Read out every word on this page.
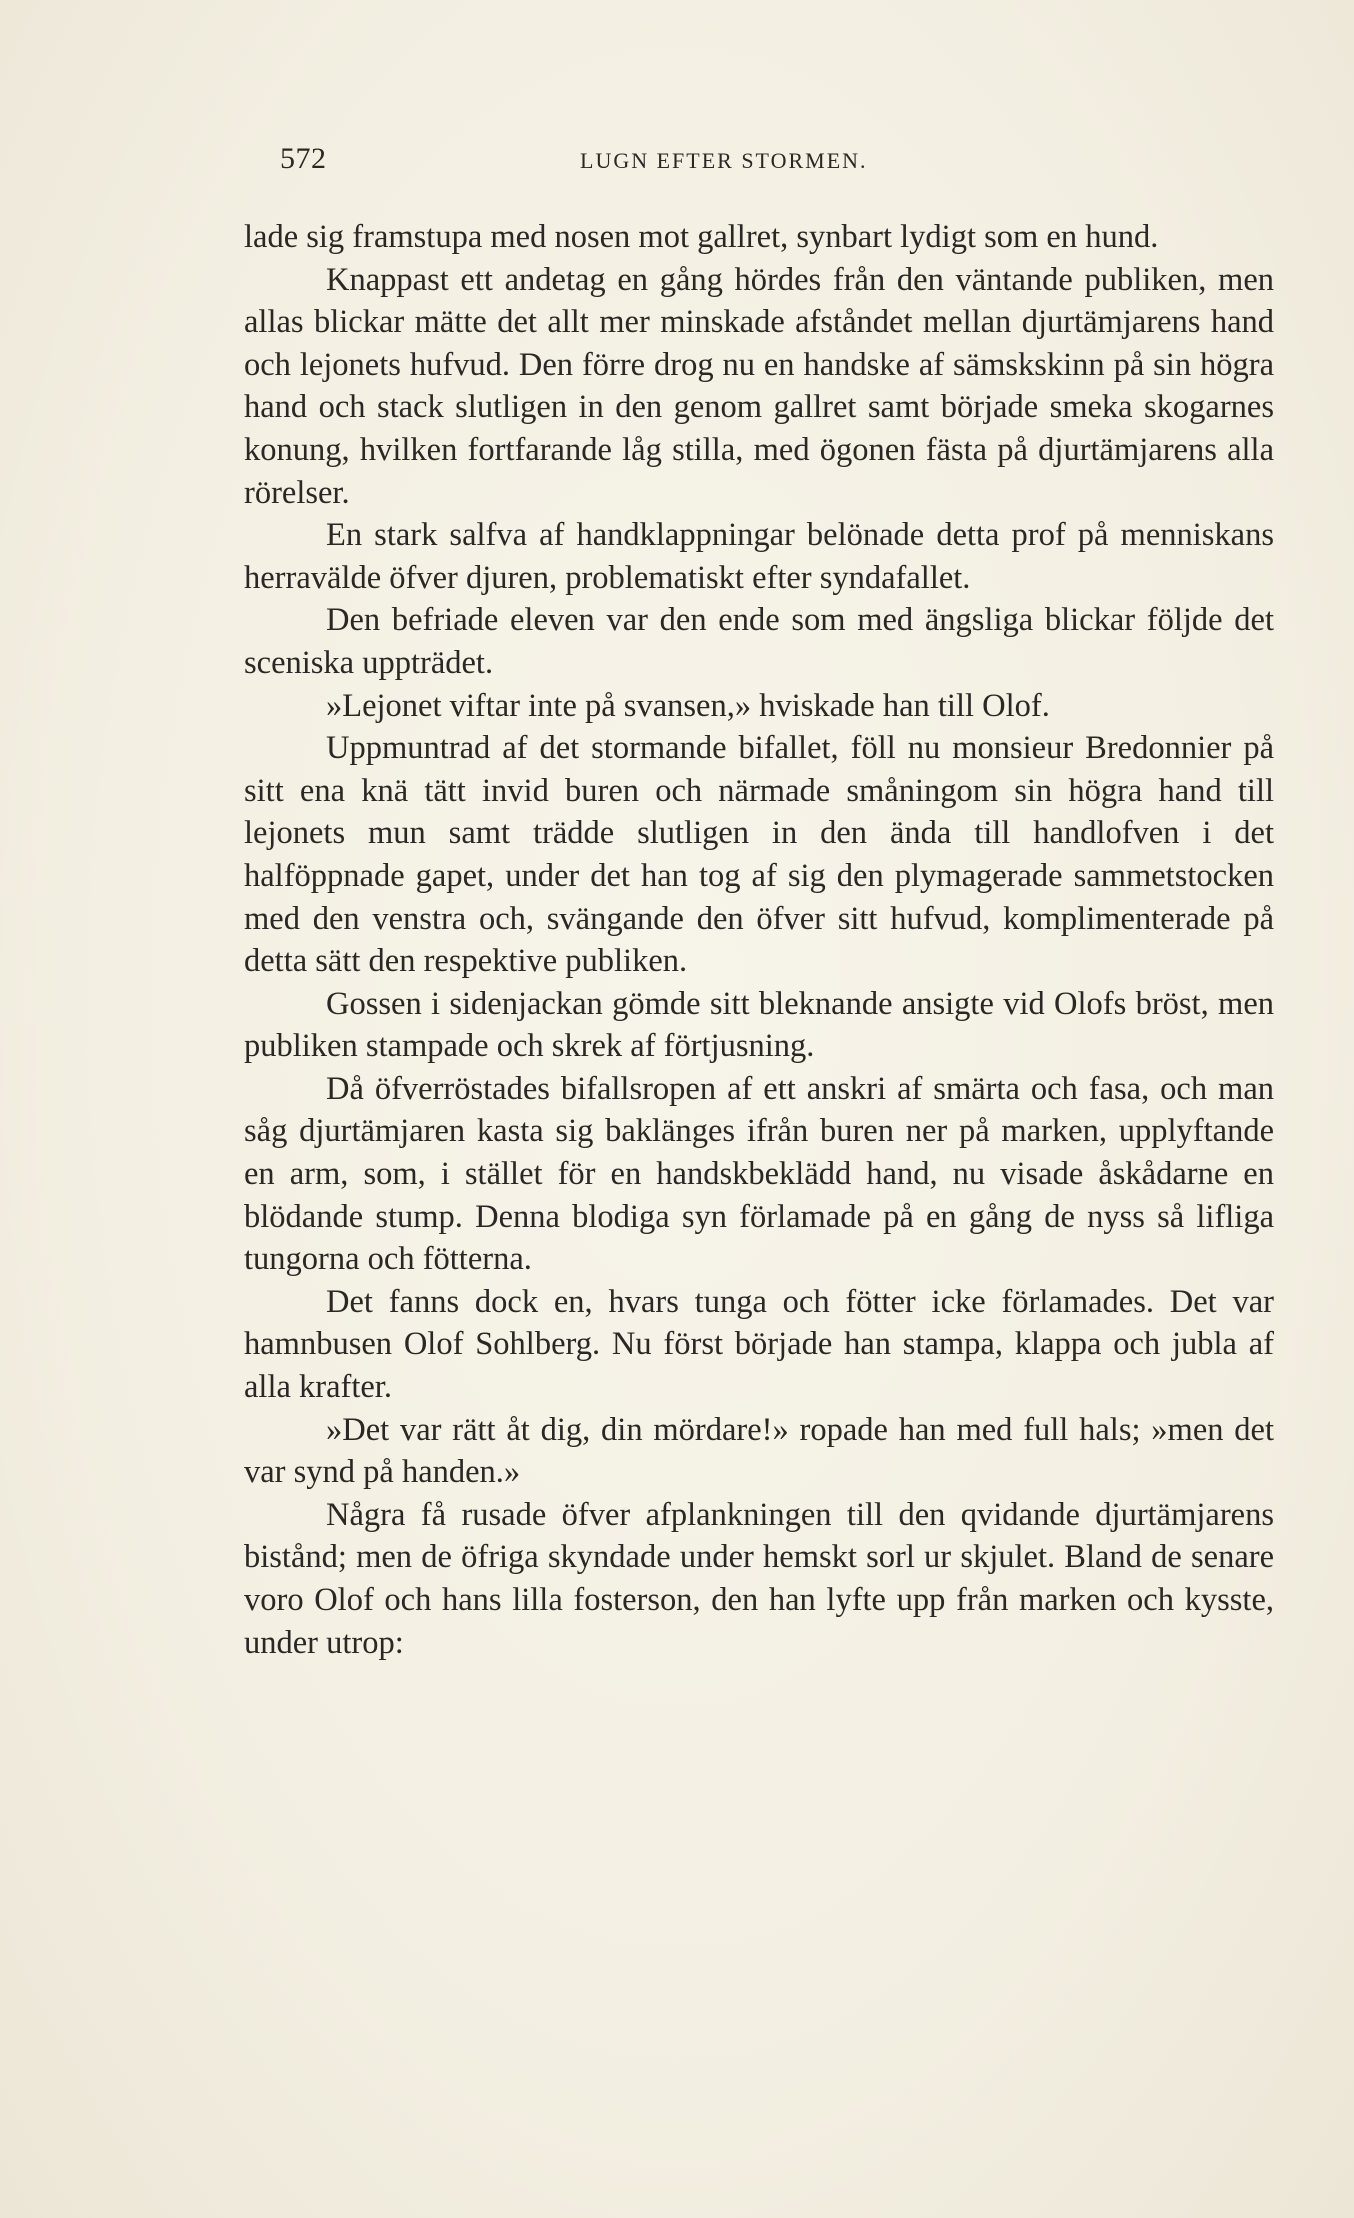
572	LUGN EFTER STORMEN.

lade sig framstupa med nosen mot gallret, synbart lydigt som en hund.

Knappast ett andetag en gång hördes från den väntande publiken, men allas blickar mätte det allt mer minskade afståndet mellan djurtämjarens hand och lejonets hufvud. Den förre drog nu en handske af sämskskinn på sin högra hand och stack slutligen in den genom gallret samt började smeka skogarnes konung, hvilken fortfarande låg stilla, med ögonen fästa på djurtämjarens alla rörelser.

En stark salfva af handklappningar belönade detta prof på menniskans herravälde öfver djuren, problematiskt efter syndafallet.

Den befriade eleven var den ende som med ängsliga blickar följde det sceniska uppträdet.

»Lejonet viftar inte på svansen,» hviskade han till Olof.

Uppmuntrad af det stormande bifallet, föll nu monsieur Bredonnier på sitt ena knä tätt invid buren och närmade småningom sin högra hand till lejonets mun samt trädde slutligen in den ända till handlofven i det halföppnade gapet, under det han tog af sig den plymagerade sammetstocken med den venstra och, svängande den öfver sitt hufvud, komplimenterade på detta sätt den respektive publiken.

Gossen i sidenjackan gömde sitt bleknande ansigte vid Olofs bröst, men publiken stampade och skrek af förtjusning.

Då öfverröstades bifallsropen af ett anskri af smärta och fasa, och man såg djurtämjaren kasta sig baklänges ifrån buren ner på marken, upplyftande en arm, som, i stället för en handskbeklädd hand, nu visade åskådarne en blödande stump. Denna blodiga syn förlamade på en gång de nyss så lifliga tungorna och fötterna.

Det fanns dock en, hvars tunga och fötter icke förlamades. Det var hamnbusen Olof Sohlberg. Nu först började han stampa, klappa och jubla af alla krafter.

»Det var rätt åt dig, din mördare!» ropade han med full hals; »men det var synd på handen.»

Några få rusade öfver afplankningen till den qvidande djurtämjarens bistånd; men de öfriga skyndade under hemskt sorl ur skjulet. Bland de senare voro Olof och hans lilla fosterson, den han lyfte upp från marken och kysste, under utrop:
